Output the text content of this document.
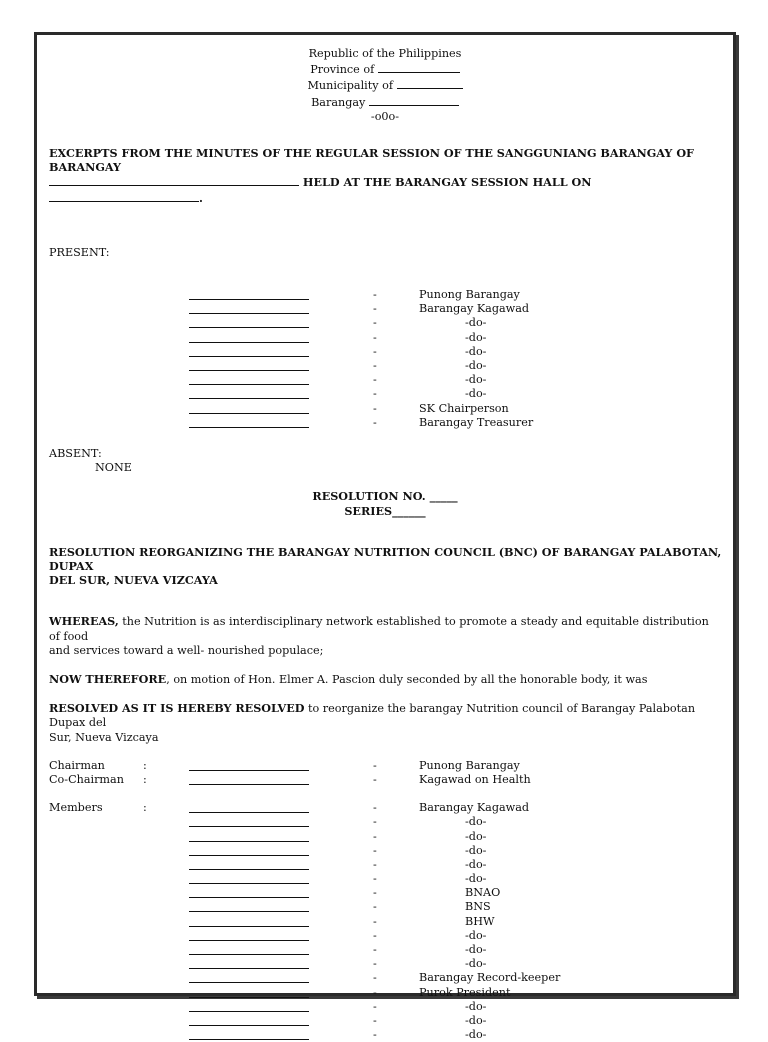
Republic of the Philippines

Province of

Municipality of

Barangay

-o0o-

EXCERPTS FROM THE MINUTES OF THE REGULAR SESSION OF THE SANGGUNIANG BARANGAY OF BARANGAY

HELD AT THE BARANGAY SESSION HALL ON .

PRESENT:

-	Punong Barangay
-	Barangay Kagawad
-	-do-
-	-do-
-	-do-
-	-do-
-	-do-
-	-do-
-	SK Chairperson
-	Barangay Treasurer

ABSENT:

NONE

RESOLUTION NO. _____

SERIES______

RESOLUTION REORGANIZING THE BARANGAY NUTRITION COUNCIL (BNC) OF BARANGAY PALABOTAN, DUPAX

DEL SUR, NUEVA VIZCAYA

WHEREAS, the Nutrition is as interdisciplinary network established to promote a steady and equitable distribution of food

and services toward a well- nourished populace;

NOW THEREFORE, on motion of Hon. Elmer A. Pascion duly seconded by all the honorable body, it was

RESOLVED AS IT IS HEREBY RESOLVED to reorganize the barangay Nutrition council of Barangay Palabotan Dupax del

Sur, Nueva Vizcaya

Chairman	:	-	Punong Barangay
Co-Chairman :	-	Kagawad on Health
Members	:	-	Barangay Kagawad
-	-do-
-	-do-
-	-do-
-	-do-
-	-do-
-	BNAO
-	BNS
-	BHW
-	-do-
-	-do-
-	-do-
-	Barangay Record-keeper
-	Purok President
-	-do-
-	-do-
-	-do-
